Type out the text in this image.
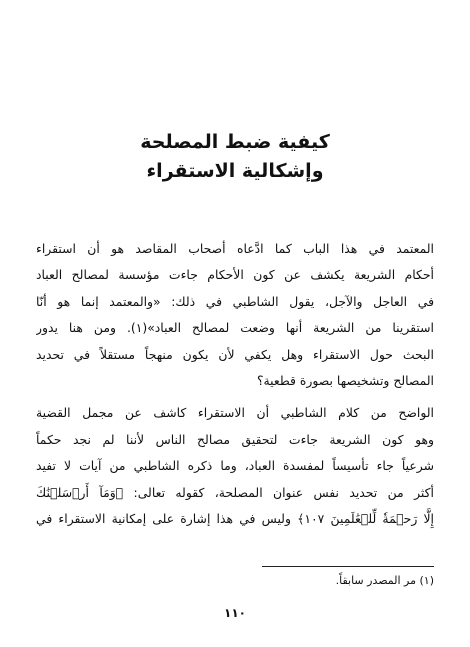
كيفية ضبط المصلحة
وإشكالية الاستقراء
المعتمد في هذا الباب كما ادَّعاه أصحاب المقاصد هو أن استقراء
أحكام الشريعة يكشف عن كون الأحكام جاءت مؤسسة لمصالح العباد
في العاجل والآجل، يقول الشاطبي في ذلك: «والمعتمد إنما هو أنّا
استقرينا من الشريعة أنها وضعت لمصالح العباد»(١). ومن هنا يدور
البحث حول الاستقراء وهل يكفي لأن يكون منهجاً مستقلاً في تحديد
المصالح وتشخيصها بصورة قطعية؟
الواضح من كلام الشاطبي أن الاستقراء كاشف عن مجمل القضية
وهو كون الشريعة جاءت لتحقيق مصالح الناس لأننا لم نجد حكماً
شرعياً جاء تأسيساً لمفسدة العباد، وما ذكره الشاطبي من آيات لا تفيد
أكثر من تحديد نفس عنوان المصلحة، كقوله تعالى: ﴿وَمَآ أَرۡسَلۡنَٰكَ
إِلَّا رَحۡمَةٗ لِّلۡعَٰلَمِينَ ١٠٧﴾ وليس في هذا إشارة على إمكانية الاستقراء في
(١) مر المصدر سابقاً.
١١٠
